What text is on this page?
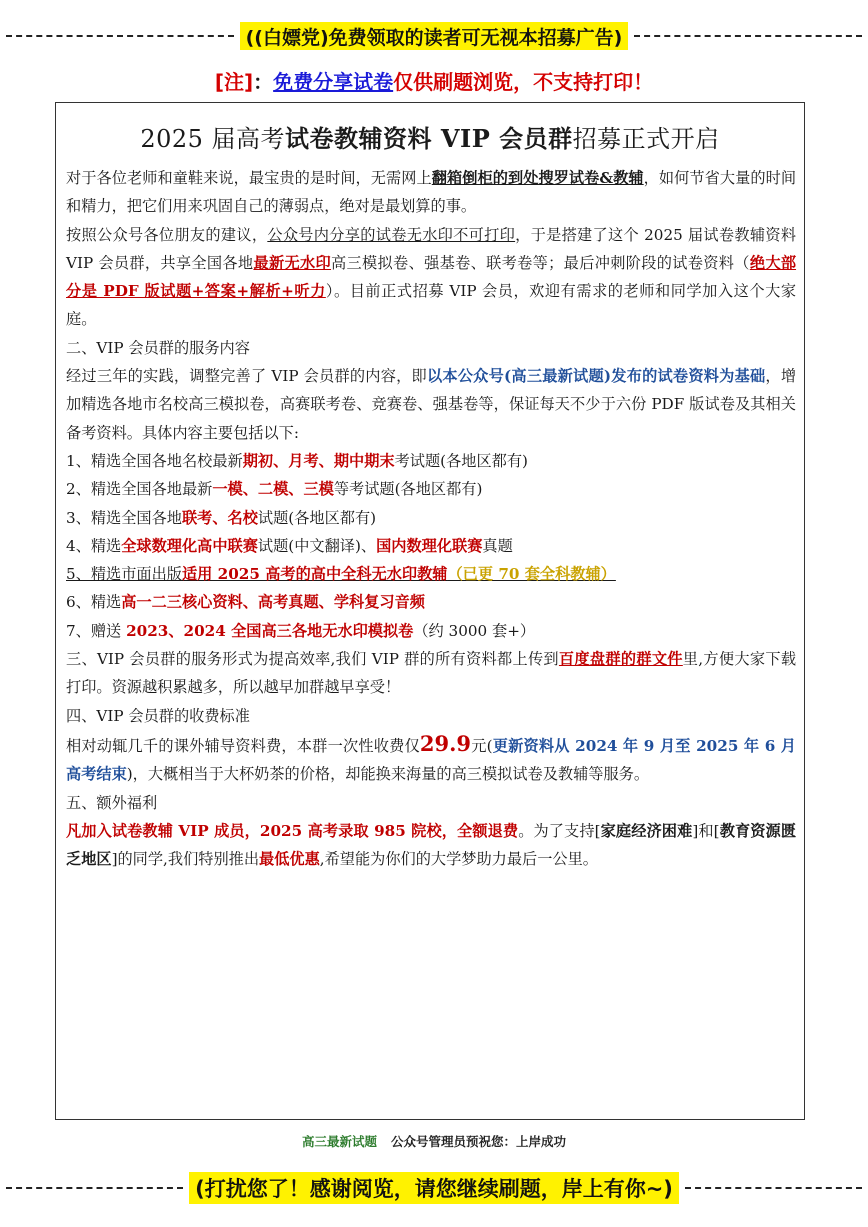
((白嫖党)免费领取的读者可无视本招募广告)
[注]：免费分享试卷仅供刷题浏览，不支持打印！
2025 届高考试卷教辅资料 VIP 会员群招募正式开启

对于各位老师和童鞋来说，最宝贵的是时间，无需网上翻箱倒柜的到处搜罗试卷&教辅，如何节省大量的时间和精力，把它们用来巩固自己的薄弱点，绝对是最划算的事。

按照公众号各位朋友的建议，公众号内分享的试卷无水印不可打印，于是搭建了这个 2025 届试卷教辅资料 VIP 会员群，共享全国各地最新无水印高三模拟卷、强基卷、联考卷等；最后冲刺阶段的试卷资料（绝大部分是 PDF 版试题+答案+解析+听力）。目前正式招募 VIP 会员，欢迎有需求的老师和同学加入这个大家庭。

二、VIP 会员群的服务内容

经过三年的实践，调整完善了 VIP 会员群的内容，即以本公众号(高三最新试题)发布的试卷资料为基础，增加精选各地市名校高三模拟卷，高赛联考卷、竞赛卷、强基卷等，保证每天不少于六份 PDF 版试卷及其相关备考资料。具体内容主要包括以下:

1、精选全国各地名校最新期初、月考、期中期末考试题(各地区都有)

2、精选全国各地最新一模、二模、三模等考试题(各地区都有)

3、精选全国各地联考、名校试题(各地区都有)

4、精选全球数理化高中联赛试题(中文翻译)、国内数理化联赛真题

5、精选市面出版适用 2025 高考的高中全科无水印教辅（已更 70 套全科教辅）

6、精选高一二三核心资料、高考真题、学科复习音频

7、赠送 2023、2024 全国高三各地无水印模拟卷（约 3000 套+）

三、VIP 会员群的服务形式为提高效率,我们 VIP 群的所有资料都上传到百度盘群的群文件里,方便大家下载打印。资源越积累越多，所以越早加群越早享受！

四、VIP 会员群的收费标准

相对动辄几千的课外辅导资料费，本群一次性收费仅29.9元(更新资料从 2024 年 9 月至 2025 年 6 月高考结束)，大概相当于大杯奶茶的价格，却能换来海量的高三模拟试卷及教辅等服务。

五、额外福利

凡加入试卷教辅 VIP 成员，2025 高考录取 985 院校，全额退费。为了支持[家庭经济困难]和[教育资源匮乏地区]的同学,我们特别推出最低优惠,希望能为你们的大学梦助力最后一公里。

高三最新试题 公众号管理员预祝您：上岸成功
(打扰您了！感谢阅览，请您继续刷题，岸上有你~)
